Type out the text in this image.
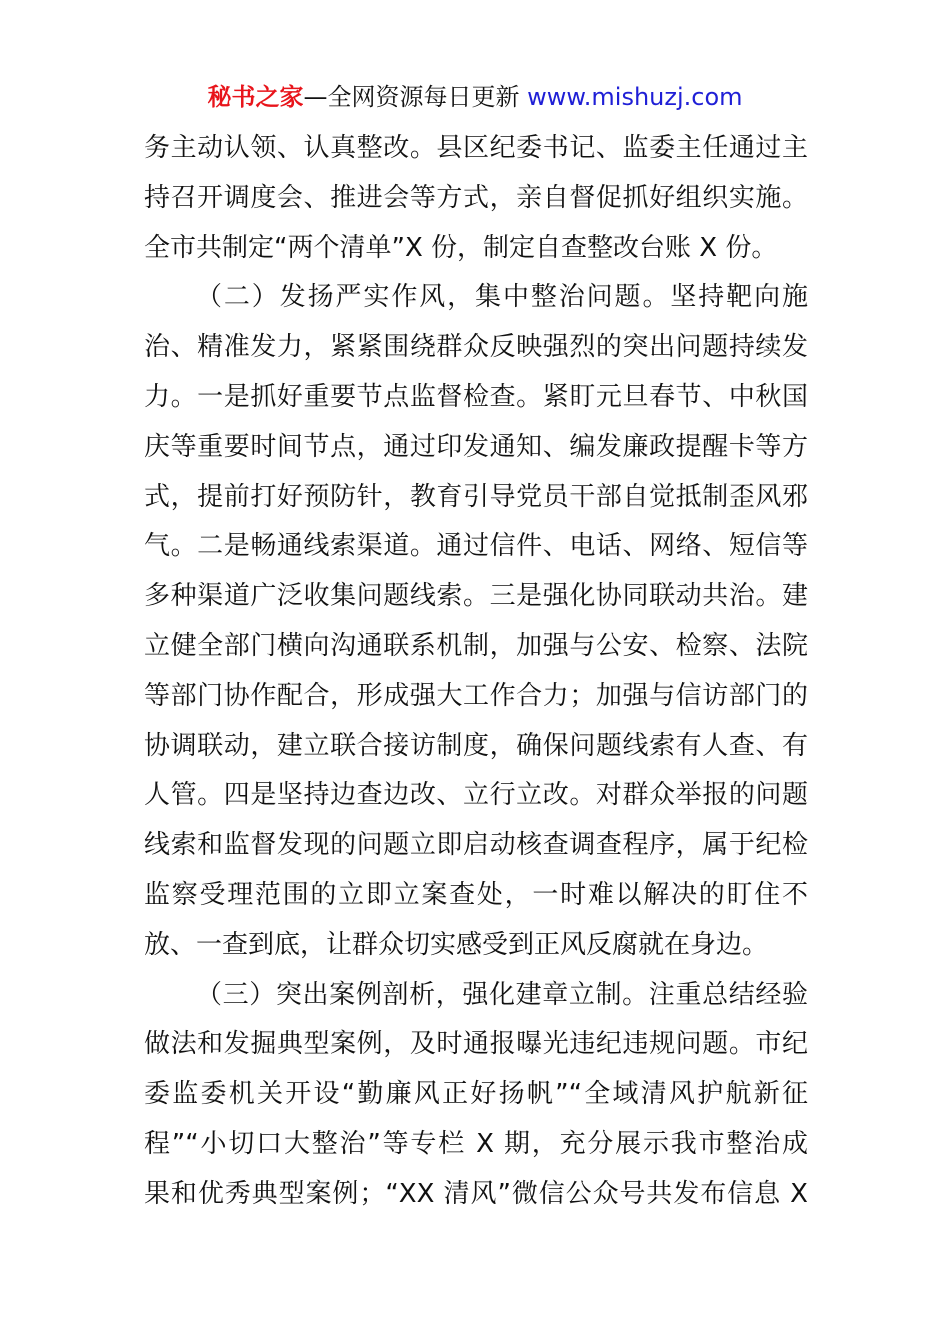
秘书之家—全网资源每日更新 www.mishuzj.com
务主动认领、认真整改。县区纪委书记、监委主任通过主
持召开调度会、推进会等方式，亲自督促抓好组织实施。
全市共制定“两个清单”X 份，制定自查整改台账 X 份。
（二）发扬严实作风，集中整治问题。坚持靶向施
治、精准发力，紧紧围绕群众反映强烈的突出问题持续发
力。一是抓好重要节点监督检查。紧盯元旦春节、中秋国
庆等重要时间节点，通过印发通知、编发廉政提醒卡等方
式，提前打好预防针，教育引导党员干部自觉抵制歪风邪
气。二是畅通线索渠道。通过信件、电话、网络、短信等
多种渠道广泛收集问题线索。三是强化协同联动共治。建
立健全部门横向沟通联系机制，加强与公安、检察、法院
等部门协作配合，形成强大工作合力；加强与信访部门的
协调联动，建立联合接访制度，确保问题线索有人查、有
人管。四是坚持边查边改、立行立改。对群众举报的问题
线索和监督发现的问题立即启动核查调查程序，属于纪检
监察受理范围的立即立案查处，一时难以解决的盯住不
放、一查到底，让群众切实感受到正风反腐就在身边。
（三）突出案例剖析，强化建章立制。注重总结经验
做法和发掘典型案例，及时通报曝光违纪违规问题。市纪
委监委机关开设“勤廉风正好扬帆”“全域清风护航新征
程”“小切口大整治”等专栏 X 期，充分展示我市整治成
果和优秀典型案例；“XX 清风”微信公众号共发布信息 X
